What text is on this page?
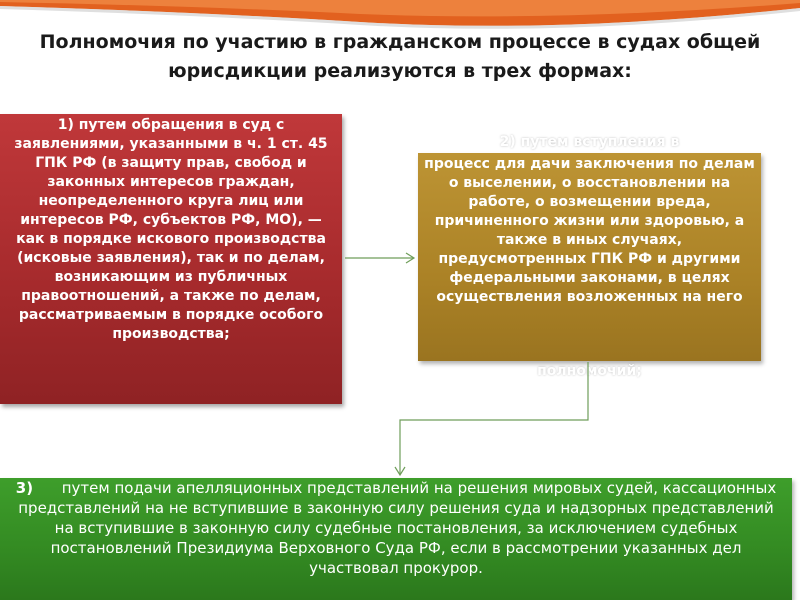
Полномочия по участию в гражданском процессе в судах общей юрисдикции реализуются в трех формах:
1) путем обращения в суд с заявлениями, указанными в ч. 1 ст. 45 ГПК РФ (в защиту прав, свобод и законных интересов граждан, неопределенного круга лиц или интересов РФ, субъектов РФ, МО), — как в порядке искового производства (исковые заявления), так и по делам, возникающим из публичных правоотношений, а также по делам, рассматриваемым в порядке особого производства;
2) путем вступления в
процесс для дачи заключения по делам о выселении, о восстановлении на работе, о возмещении вреда, причиненного жизни или здоровью, а также в иных случаях, предусмотренных ГПК РФ и другими федеральными законами, в целях осуществления возложенных на него
полномочий;
3) путем подачи апелляционных представлений на решения мировых судей, кассационных представлений на не вступившие в законную силу решения суда и надзорных представлений на вступившие в законную силу судебные постановления, за исключением судебных постановлений Президиума Верховного Суда РФ, если в рассмотрении указанных дел участвовал прокурор.
